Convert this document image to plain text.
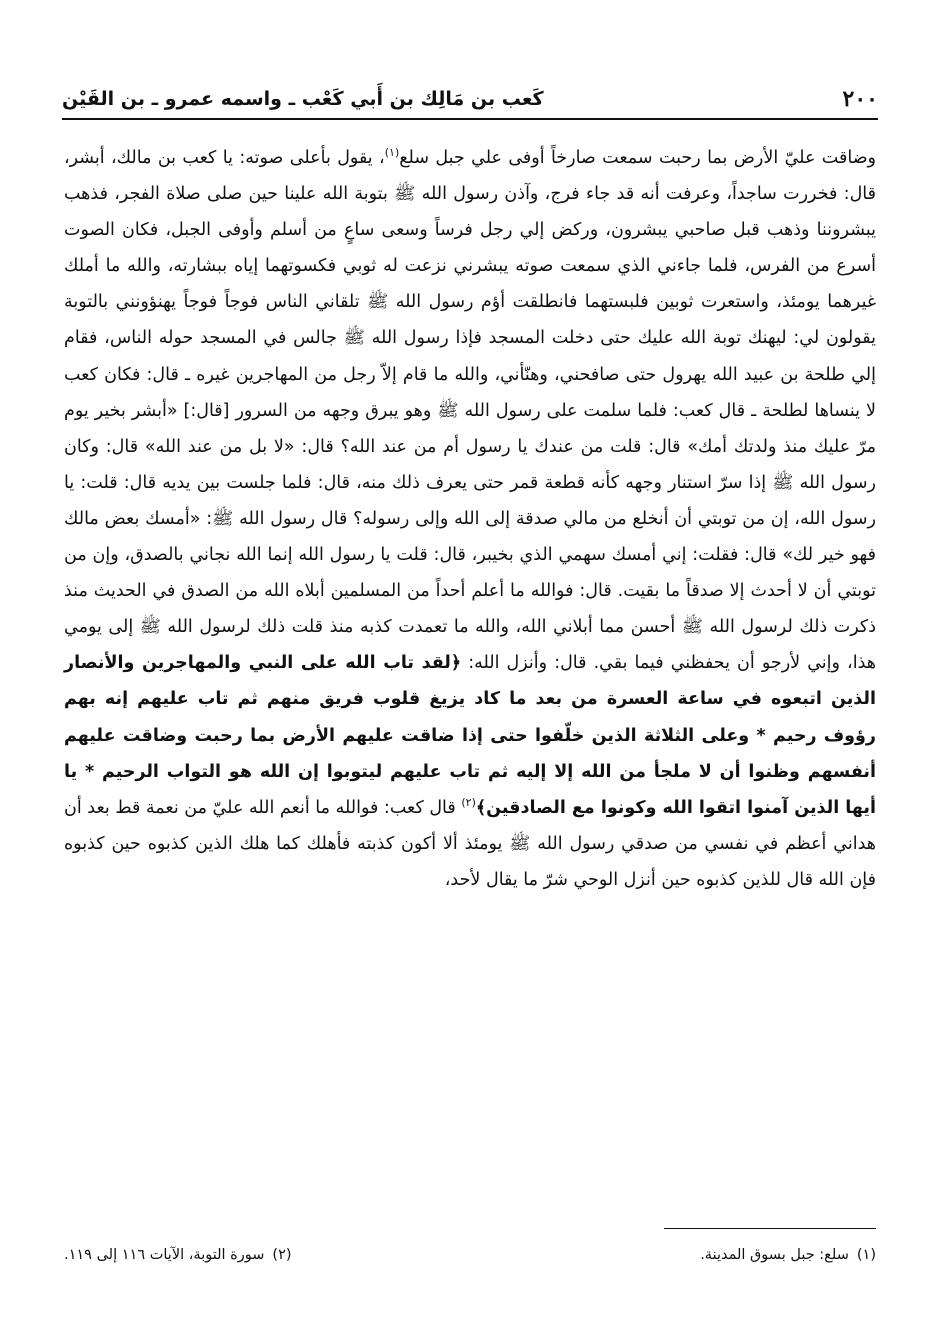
٢٠٠
كَعب بن مَالِك بن أَبي كَعْب ـ واسمه عمرو ـ بن القَيْن

وضاقت عليّ الأرض بما رحبت سمعت صارخاً أوفى علي جبل سلع$^{(١)}$، يقول بأعلى صوته: يا كعب بن مالك، أبشر، قال: فخررت ساجداً، وعرفت أنه قد جاء فرج، وآذن رسول الله ﷺ بتوبة الله علينا حين صلى صلاة الفجر، فذهب يبشروننا وذهب قبل صاحبي يبشرون، وركض إلي رجل فرساً وسعى ساعٍ من أسلم وأوفى الجبل، فكان الصوت أسرع من الفرس، فلما جاءني الذي سمعت صوته يبشرني نزعت له ثوبي فكسوتهما إياه ببشارته، والله ما أملك غيرهما يومئذ، واستعرت ثوبين فلبستهما فانطلقت أؤم رسول الله ﷺ تلقاني الناس فوجاً فوجاً يهنؤونني بالتوبة يقولون لي: ليهنك توبة الله عليك حتى دخلت المسجد فإذا رسول الله ﷺ جالس في المسجد حوله الناس، فقام إلي طلحة بن عبيد الله يهرول حتى صافحني، وهنّأني، والله ما قام إلاّ رجل من المهاجرين غيره ـ قال: فكان كعب لا ينساها لطلحة ـ قال كعب: فلما سلمت على رسول الله ﷺ وهو يبرق وجهه من السرور [قال:] «أبشر بخير يوم مرّ عليك منذ ولدتك أمك» قال: قلت من عندك يا رسول أم من عند الله؟ قال: «لا بل من عند الله» قال: وكان رسول الله ﷺ إذا سرّ استنار وجهه كأنه قطعة قمر حتى يعرف ذلك منه، قال: فلما جلست بين يديه قال: قلت: يا رسول الله، إن من توبتي أن أنخلع من مالي صدقة إلى الله وإلى رسوله؟ قال رسول الله ﷺ: «أمسك بعض مالك فهو خير لك» قال: فقلت: إني أمسك سهمي الذي بخيبر، قال: قلت يا رسول الله إنما الله نجاني بالصدق، وإن من توبتي أن لا أحدث إلا صدقاً ما بقيت. قال: فوالله ما أعلم أحداً من المسلمين أبلاه الله من الصدق في الحديث منذ ذكرت ذلك لرسول الله ﷺ أحسن مما أبلاني الله، والله ما تعمدت كذبه منذ قلت ذلك لرسول الله ﷺ إلى يومي هذا، وإني لأرجو أن يحفظني فيما بقي. قال: وأنزل الله: ﴿لقد تاب الله على النبي والمهاجرين والأنصار الذين اتبعوه في ساعة العسرة من بعد ما كاد يزيغ قلوب فريق منهم ثم تاب عليهم إنه بهم رؤوف رحيم * وعلى الثلاثة الذين خلّفوا حتى إذا ضاقت عليهم الأرض بما رحبت وضاقت عليهم أنفسهم وظنوا أن لا ملجأ من الله إلا إليه ثم تاب عليهم ليتوبوا إن الله هو التواب الرحيم * يا أيها الذين آمنوا اتقوا الله وكونوا مع الصادقين﴾$^{(٢)}$ قال كعب: فوالله ما أنعم الله عليّ من نعمة قط بعد أن هداني أعظم في نفسي من صدقي رسول الله ﷺ يومئذ ألا أكون كذبته فأهلك كما هلك الذين كذبوه حين كذبوه فإن الله قال للذين كذبوه حين أنزل الوحي شرّ ما يقال لأحد،

(١)سلع: جبل بسوق المدينة.
(٢)سورة التوبة، الآيات ١١٦ إلى ١١٩.
